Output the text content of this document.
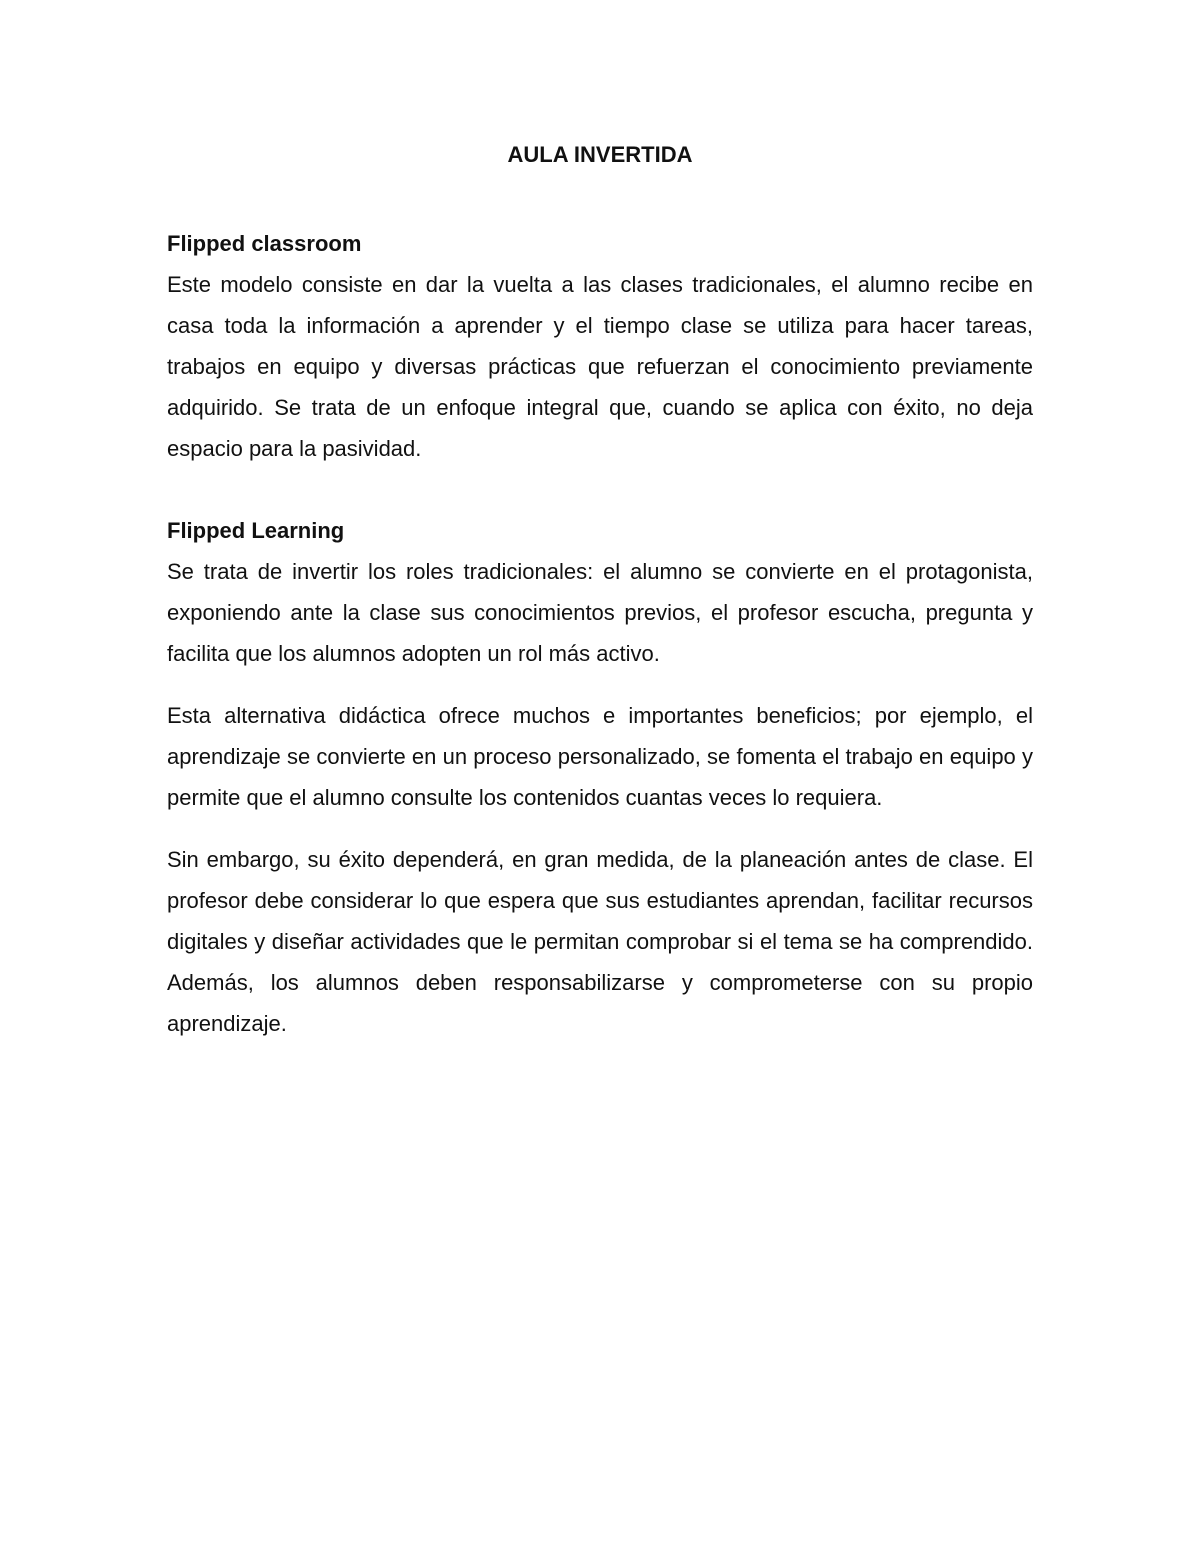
AULA INVERTIDA
Flipped classroom

Este modelo consiste en dar la vuelta a las clases tradicionales, el alumno recibe en casa toda la información a aprender y el tiempo clase se utiliza para hacer tareas, trabajos en equipo y diversas prácticas que refuerzan el conocimiento previamente adquirido. Se trata de un enfoque integral que, cuando se aplica con éxito, no deja espacio para la pasividad.

Flipped Learning

Se trata de invertir los roles tradicionales: el alumno se convierte en el protagonista, exponiendo ante la clase sus conocimientos previos, el profesor escucha, pregunta y facilita que los alumnos adopten un rol más activo.

Esta alternativa didáctica ofrece muchos e importantes beneficios; por ejemplo, el aprendizaje se convierte en un proceso personalizado, se fomenta el trabajo en equipo y permite que el alumno consulte los contenidos cuantas veces lo requiera.

Sin embargo, su éxito dependerá, en gran medida, de la planeación antes de clase. El profesor debe considerar lo que espera que sus estudiantes aprendan, facilitar recursos digitales y diseñar actividades que le permitan comprobar si el tema se ha comprendido. Además, los alumnos deben responsabilizarse y comprometerse con su propio aprendizaje.
